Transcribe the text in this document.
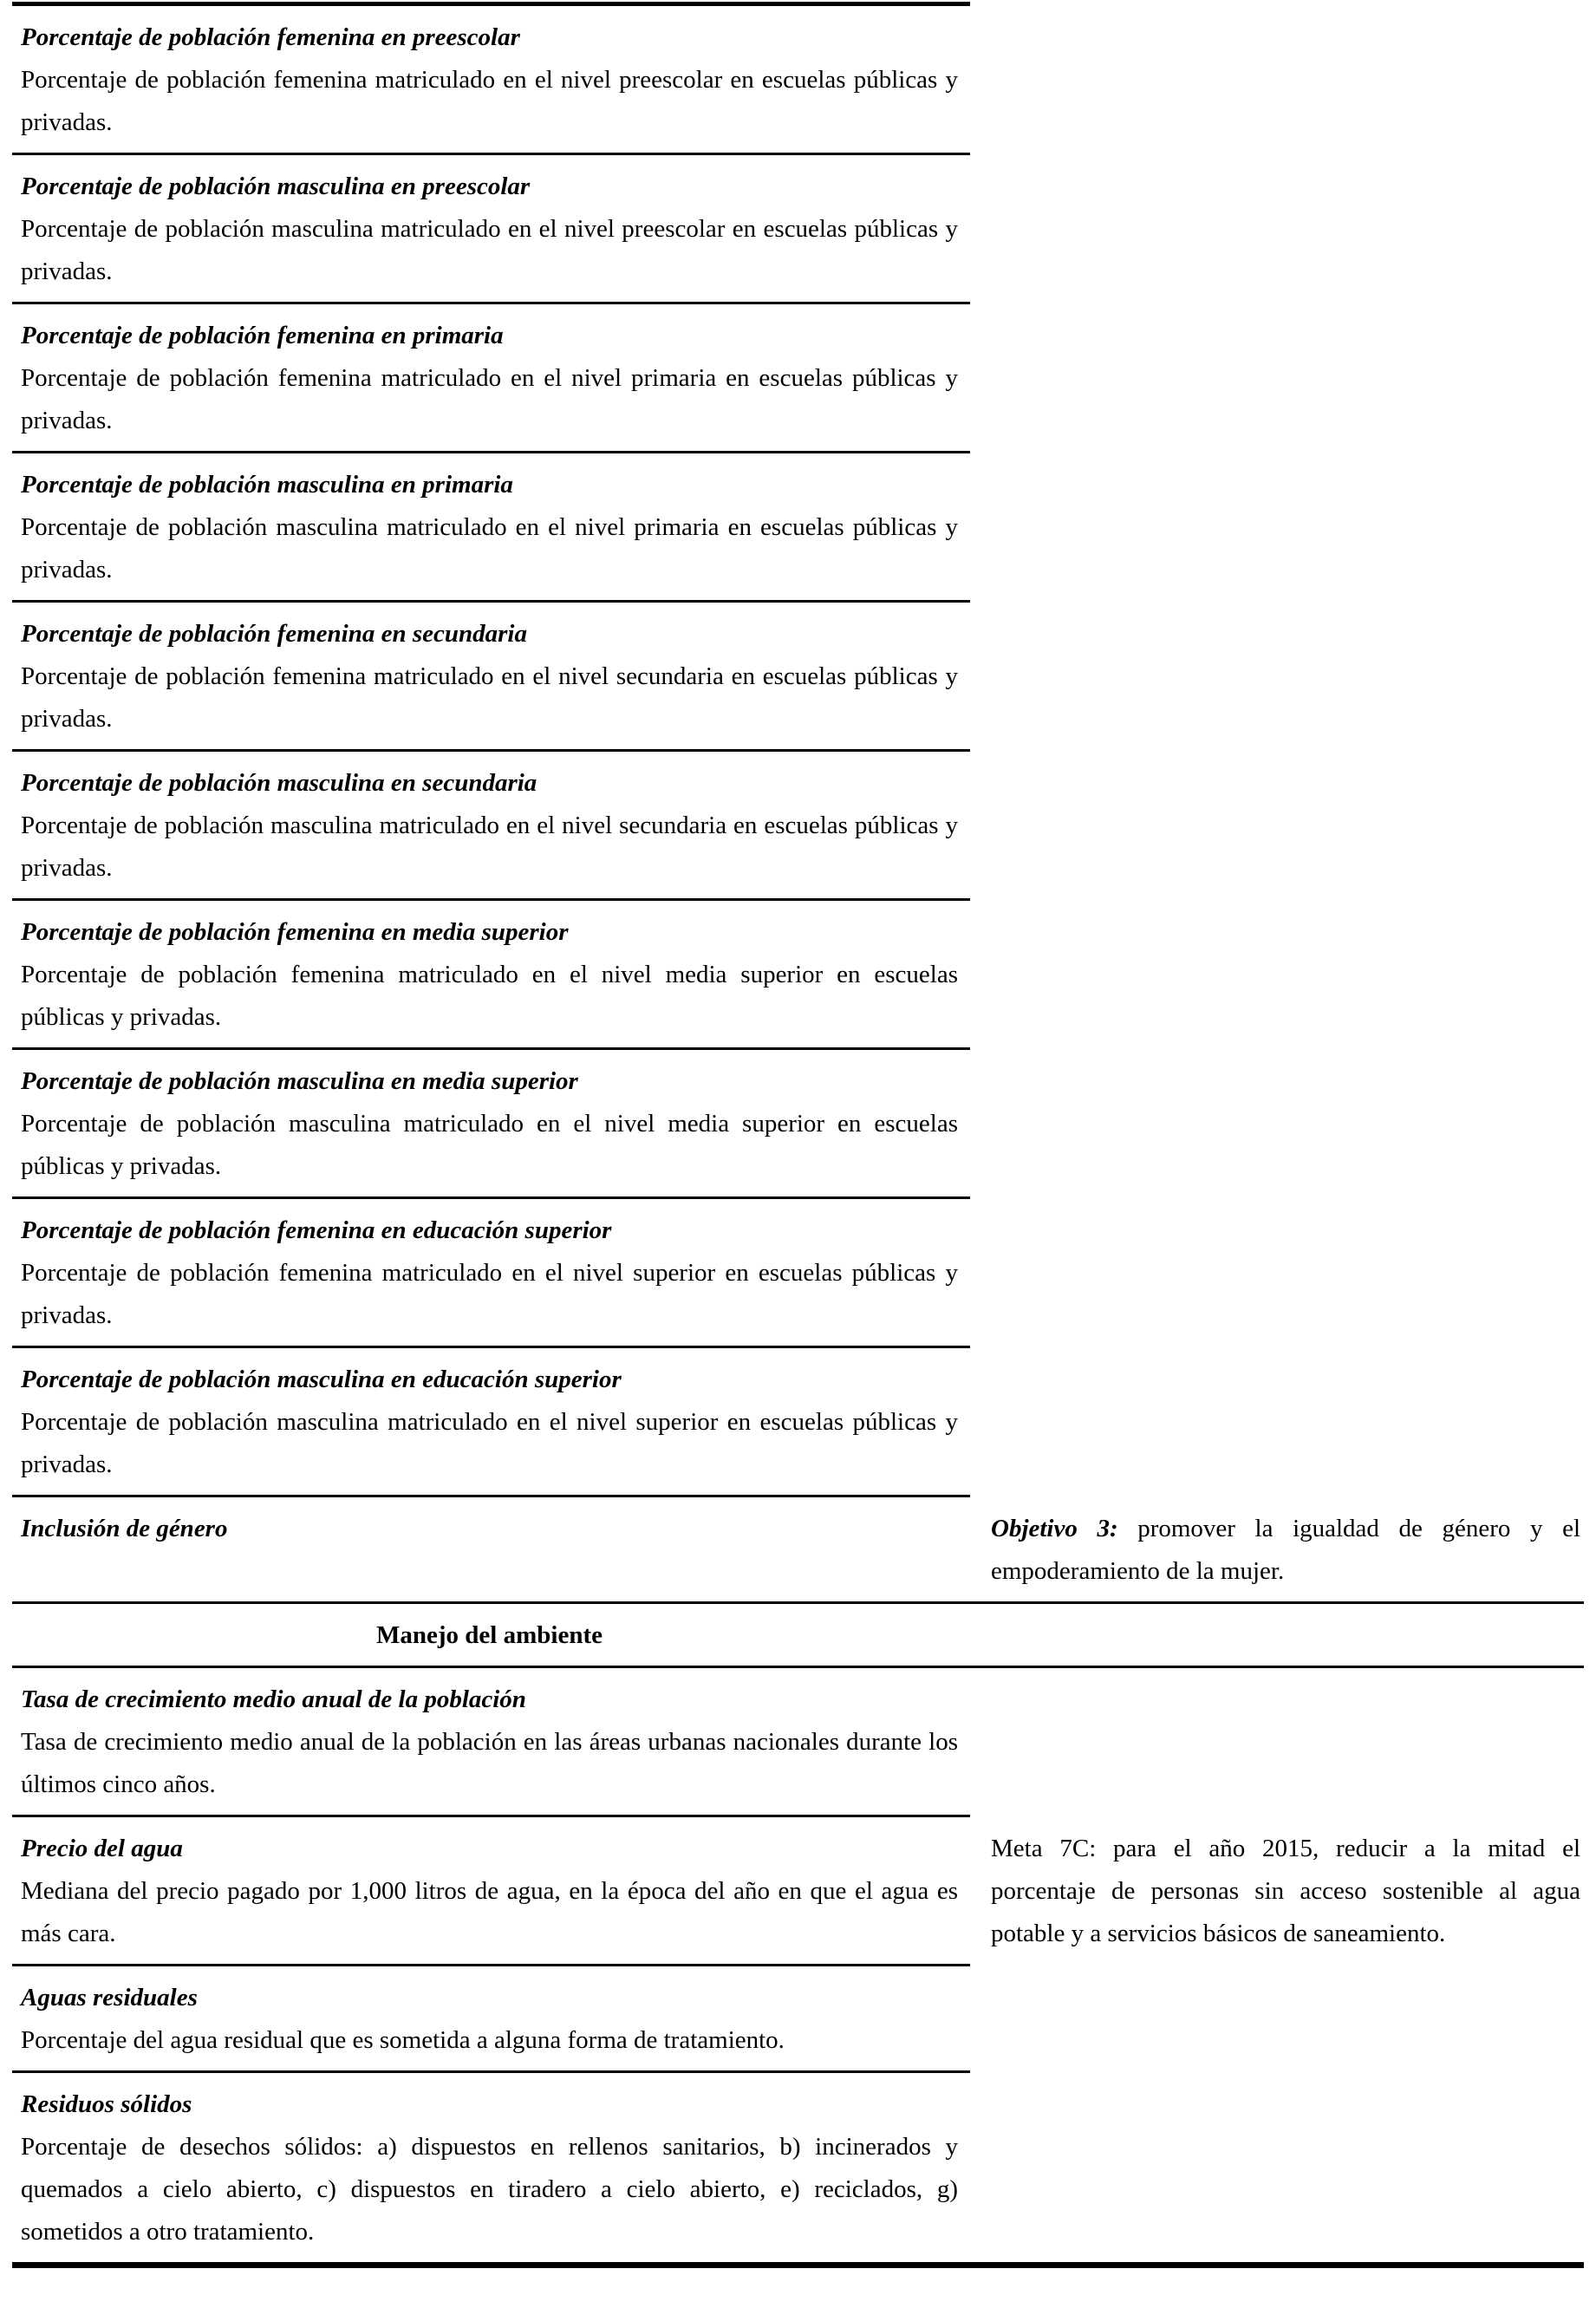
Porcentaje de población femenina en preescolar

Porcentaje de población femenina matriculado en el nivel preescolar en escuelas públicas y privadas.

Porcentaje de población masculina en preescolar

Porcentaje de población masculina matriculado en el nivel preescolar en escuelas públicas y privadas.

Porcentaje de población femenina en primaria

Porcentaje de población femenina matriculado en el nivel primaria en escuelas públicas y privadas.

Porcentaje de población masculina en primaria

Porcentaje de población masculina matriculado en el nivel primaria en escuelas públicas y privadas.

Porcentaje de población femenina en secundaria

Porcentaje de población femenina matriculado en el nivel secundaria en escuelas públicas y privadas.

Porcentaje de población masculina en secundaria

Porcentaje de población masculina matriculado en el nivel secundaria en escuelas públicas y privadas.

Porcentaje de población femenina en media superior

Porcentaje de población femenina matriculado en el nivel media superior en escuelas públicas y privadas.

Porcentaje de población masculina en media superior

Porcentaje de población masculina matriculado en el nivel media superior en escuelas públicas y privadas.

Porcentaje de población femenina en educación superior

Porcentaje de población femenina matriculado en el nivel superior en escuelas públicas y privadas.

Porcentaje de población masculina en educación superior

Porcentaje de población masculina matriculado en el nivel superior en escuelas públicas y privadas.

Inclusión de género	Objetivo 3: promover la igualdad de género y el empoderamiento de la mujer.

Manejo del ambiente

Tasa de crecimiento medio anual de la población

Tasa de crecimiento medio anual de la población en las áreas urbanas nacionales durante los últimos cinco años.

Precio del agua

Mediana del precio pagado por 1,000 litros de agua, en la época del año en que el agua es más cara.

Meta 7C: para el año 2015, reducir a la mitad el porcentaje de personas sin acceso sostenible al agua potable y a servicios básicos de saneamiento.

Aguas residuales

Porcentaje del agua residual que es sometida a alguna forma de tratamiento.

Residuos sólidos

Porcentaje de desechos sólidos: a) dispuestos en rellenos sanitarios, b) incinerados y quemados a cielo abierto, c) dispuestos en tiradero a cielo abierto, e) reciclados, g) sometidos a otro tratamiento.
